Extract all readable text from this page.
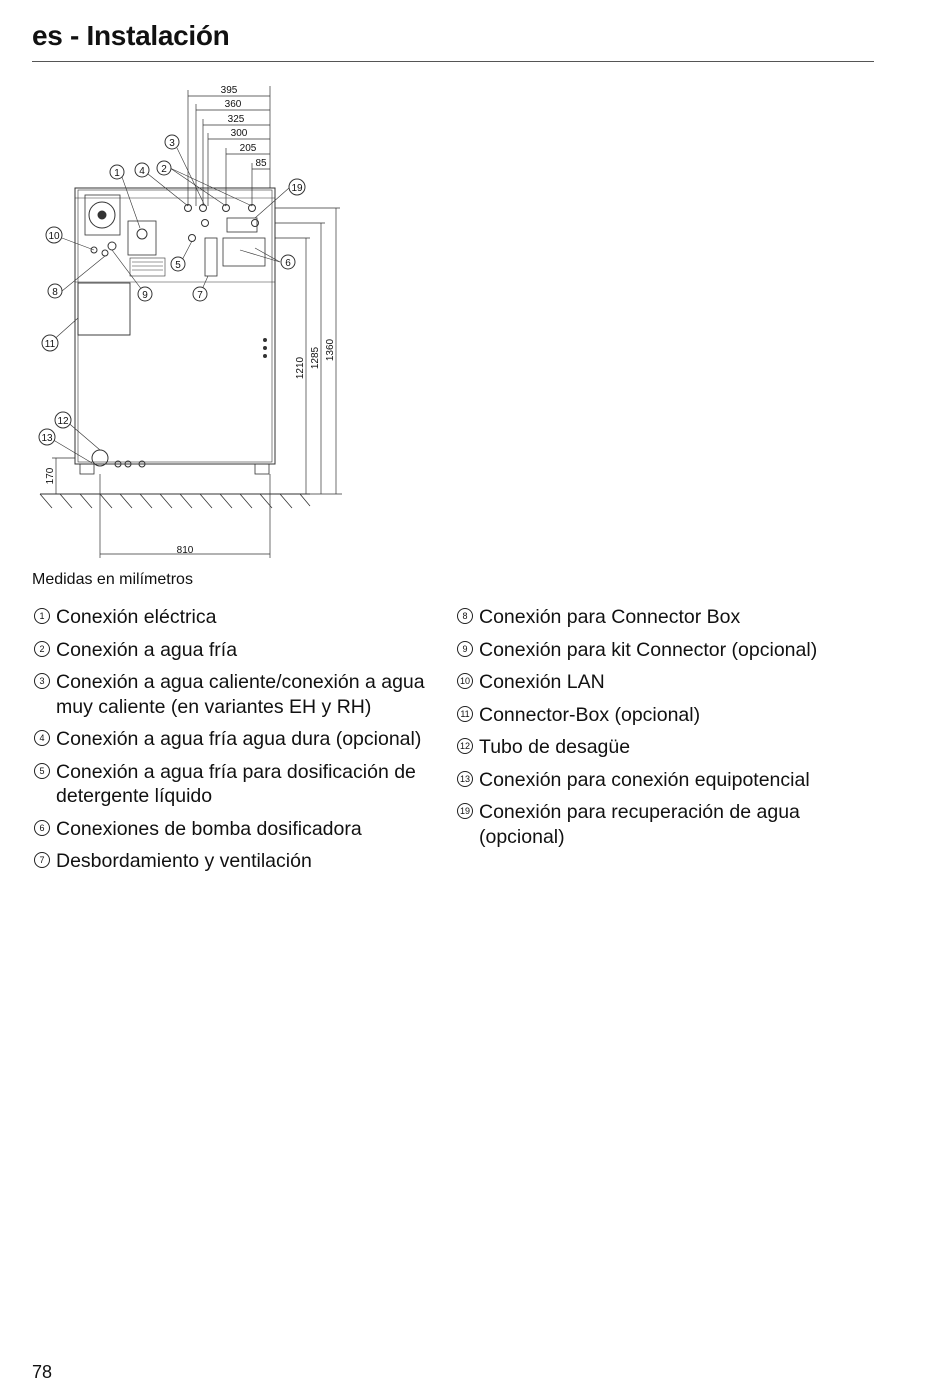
es - Instalación
395
360
325
300
205
85
810
1210 1285 1360
170
1	2
3
4
5	6
7
8	9
10
11
12
13
19
Medidas en milímetros
1 Conexión eléctrica
2 Conexión a agua fría
3 Conexión a agua caliente/conexión a agua muy caliente (en variantes EH y RH)
4 Conexión a agua fría agua dura (opcional)
5 Conexión a agua fría para dosificación de detergente líquido
6 Conexiones de bomba dosificadora
7 Desbordamiento y ventilación
8 Conexión para Connector Box
9 Conexión para kit Connector (opcional)
10 Conexión LAN
11 Connector-Box (opcional)
12 Tubo de desagüe
13 Conexión para conexión equipotencial
19 Conexión para recuperación de agua (opcional)
78
